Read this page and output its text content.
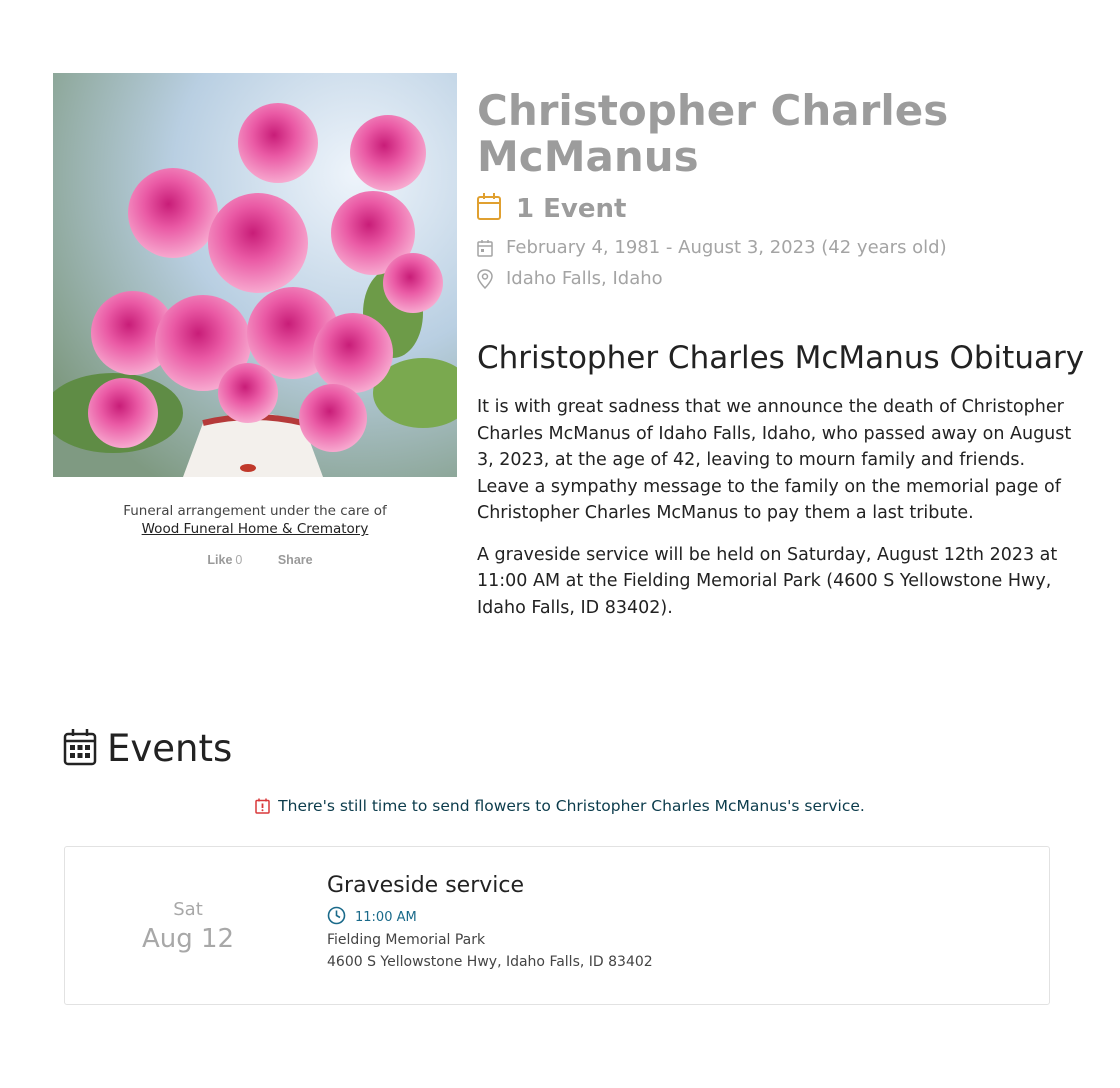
Funeral arrangement under the care of
Wood Funeral Home & Crematory
Like 0	Share
Christopher Charles McManus
1 Event
February 4, 1981 - August 3, 2023 (42 years old)
Idaho Falls, Idaho
Christopher Charles McManus Obituary

It is with great sadness that we announce the death of Christopher Charles McManus of Idaho Falls, Idaho, who passed away on August 3, 2023, at the age of 42, leaving to mourn family and friends. Leave a sympathy message to the family on the memorial page of Christopher Charles McManus to pay them a last tribute.

A graveside service will be held on Saturday, August 12th 2023 at 11:00 AM at the Fielding Memorial Park (4600 S Yellowstone Hwy, Idaho Falls, ID 83402).

Events
There's still time to send flowers to Christopher Charles McManus's service.
Sat
Aug 12
Graveside service
11:00 AM
Fielding Memorial Park
4600 S Yellowstone Hwy, Idaho Falls, ID 83402
